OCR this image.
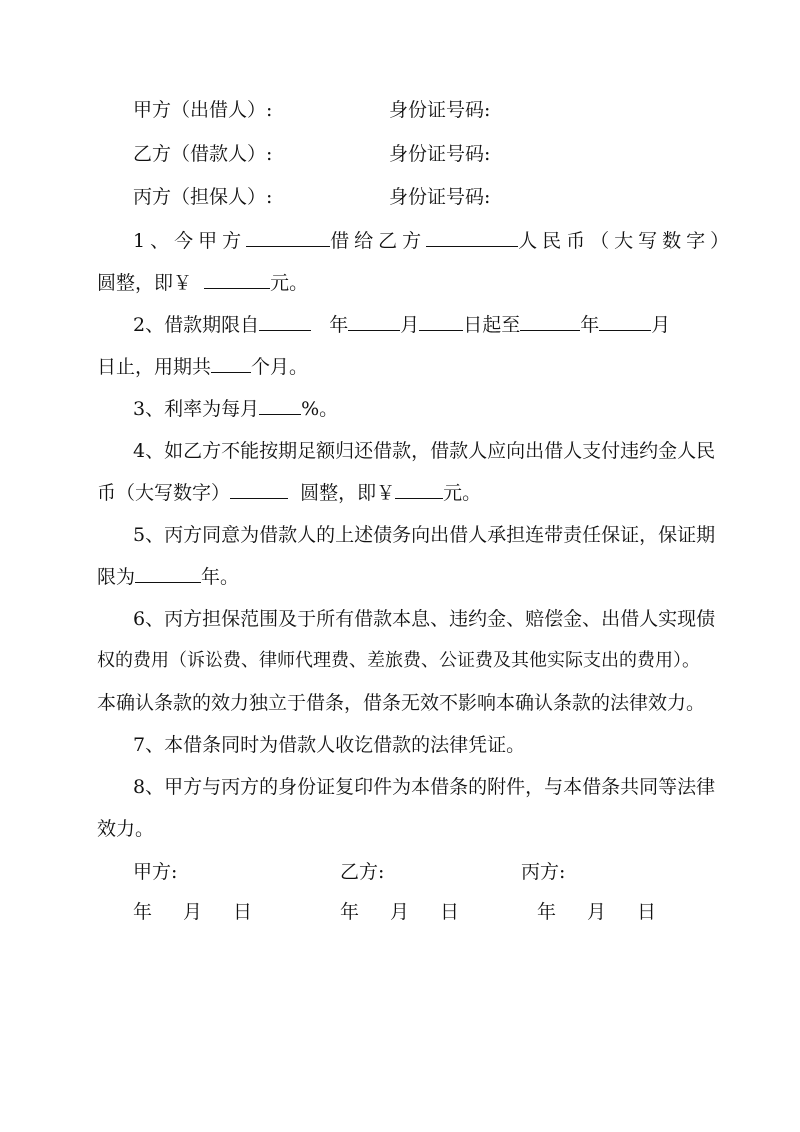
甲方（出借人）:	身份证号码:
乙方（借款人）:	身份证号码:
丙方（担保人）:	身份证号码:
1、今甲方	借给乙方	人民币（大写数字）
圆整，即￥	元。
2、借款期限自	年	月 日起至	年	月
日止，用期共 个月。
3、利率为每月 %。
4、如乙方不能按期足额归还借款，借款人应向出借人支付违约金人民
币（大写数字）	圆整，即￥	元。
5、丙方同意为借款人的上述债务向出借人承担连带责任保证，保证期
限为	年。
6、丙方担保范围及于所有借款本息、违约金、赔偿金、出借人实现债
权的费用（诉讼费、律师代理费、差旅费、公证费及其他实际支出的费用）。
本确认条款的效力独立于借条，借条无效不影响本确认条款的法律效力。
7、本借条同时为借款人收讫借款的法律凭证。
8、甲方与丙方的身份证复印件为本借条的附件，与本借条共同等法律
效力。
甲方:	乙方:	丙方:
年　月　日	年　月　日	年　月　日
